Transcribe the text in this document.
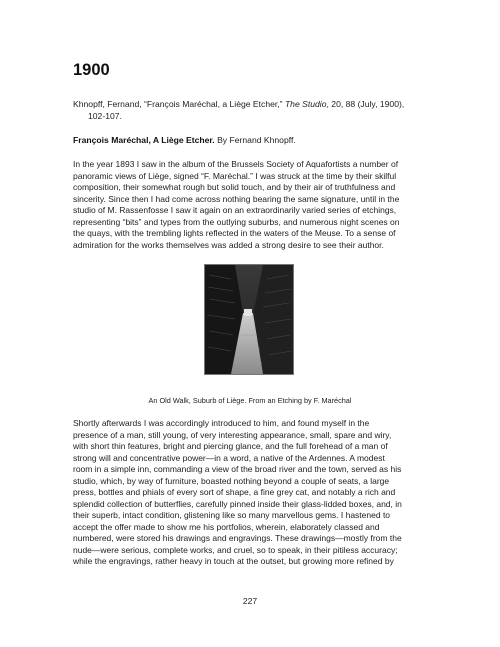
1900
Khnopff, Fernand, “François Maréchal, a Liège Etcher,” The Studio, 20, 88 (July, 1900),
102-107.
François Maréchal, A Liège Etcher. By Fernand Khnopff.

In the year 1893 I saw in the album of the Brussels Society of Aquafortists a number of
panoramic views of Liège, signed “F. Maréchal.” I was struck at the time by their skilful
composition, their somewhat rough but solid touch, and by their air of truthfulness and
sincerity. Since then I had come across nothing bearing the same signature, until in the
studio of M. Rassenfosse I saw it again on an extraordinarily varied series of etchings,
representing “bits” and types from the outlying suburbs, and numerous night scenes on
the quays, with the trembling lights reflected in the waters of the Meuse. To a sense of
admiration for the works themselves was added a strong desire to see their author.

An Old Walk, Suburb of Liège. From an Etching by F. Maréchal

Shortly afterwards I was accordingly introduced to him, and found myself in the
presence of a man, still young, of very interesting appearance, small, spare and wiry,
with short thin features, bright and piercing glance, and the full forehead of a man of
strong will and concentrative power—in a word, a native of the Ardennes. A modest
room in a simple inn, commanding a view of the broad river and the town, served as his
studio, which, by way of furniture, boasted nothing beyond a couple of seats, a large
press, bottles and phials of every sort of shape, a fine grey cat, and notably a rich and
splendid collection of butterflies, carefully pinned inside their glass-lidded boxes, and, in
their superb, intact condition, glistening like so many marvellous gems. I hastened to
accept the offer made to show me his portfolios, wherein, elaborately classed and
numbered, were stored his drawings and engravings. These drawings—mostly from the
nude—were serious, complete works, and cruel, so to speak, in their pitiless accuracy;
while the engravings, rather heavy in touch at the outset, but growing more refined by

227
